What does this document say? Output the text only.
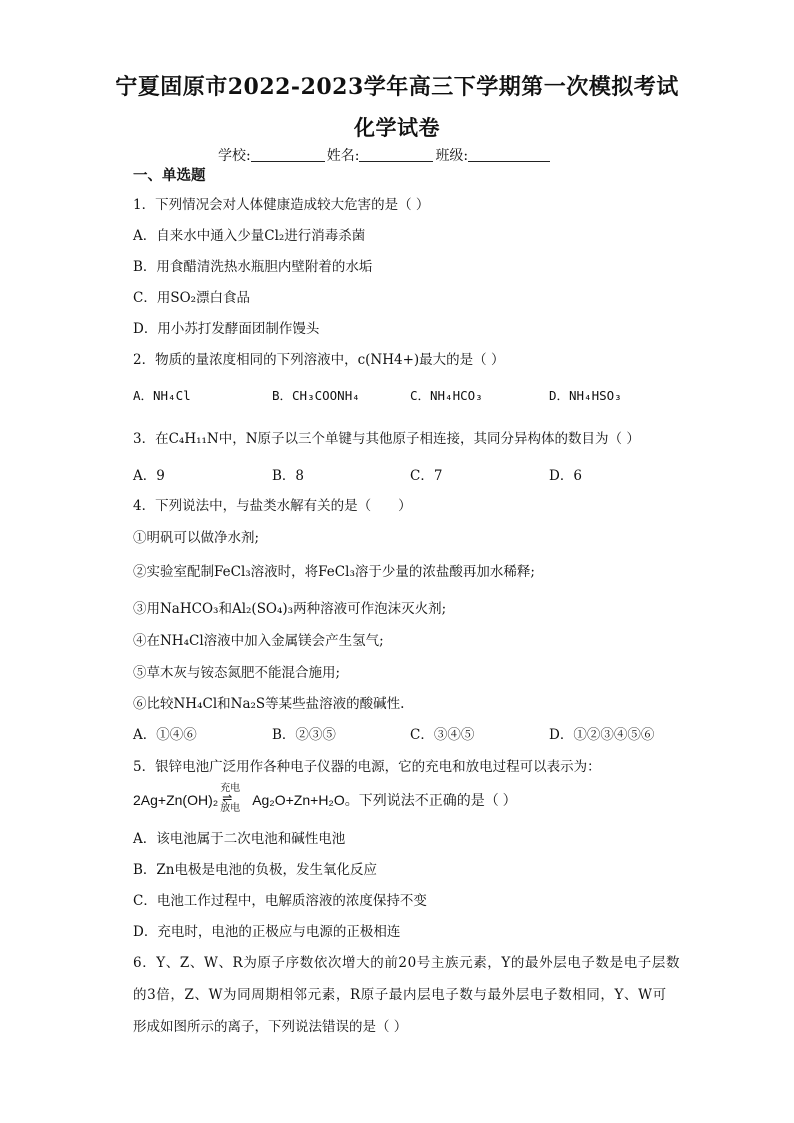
宁夏固原市2022-2023学年高三下学期第一次模拟考试
化学试卷
学校:	姓名:	班级:
一、单选题
1．下列情况会对人体健康造成较大危害的是（ ）
A．自来水中通入少量Cl₂进行消毒杀菌
B．用食醋清洗热水瓶胆内壁附着的水垢
C．用SO₂漂白食品
D．用小苏打发酵面团制作馒头
2．物质的量浓度相同的下列溶液中，c(NH4+)最大的是（ ）
A．NH₄Cl	B．CH₃COONH₄	C．NH₄HCO₃	D．NH₄HSO₃
3．在C₄H₁₁N中，N原子以三个单键与其他原子相连接，其同分异构体的数目为（ ）
A．9	B．8	C．7	D．6
4．下列说法中，与盐类水解有关的是（　　）
①明矾可以做净水剂;
②实验室配制FeCl₃溶液时，将FeCl₃溶于少量的浓盐酸再加水稀释;
③用NaHCO₃和Al₂(SO₄)₃两种溶液可作泡沫灭火剂;
④在NH₄Cl溶液中加入金属镁会产生氢气;
⑤草木灰与铵态氮肥不能混合施用;
⑥比较NH₄Cl和Na₂S等某些盐溶液的酸碱性.
A．①④⑥	B．②③⑤	C．③④⑤	D．①②③④⑤⑥
5．银锌电池广泛用作各种电子仪器的电源，它的充电和放电过程可以表示为：
2Ag+Zn(OH)₂
充电
⇌
放电
Ag₂O+Zn+H₂O。下列说法不正确的是（ ）
A．该电池属于二次电池和碱性电池
B．Zn电极是电池的负极，发生氧化反应
C．电池工作过程中，电解质溶液的浓度保持不变
D．充电时，电池的正极应与电源的正极相连
6．Y、Z、W、R为原子序数依次增大的前20号主族元素，Y的最外层电子数是电子层数
的3倍，Z、W为同周期相邻元素，R原子最内层电子数与最外层电子数相同，Y、W可
形成如图所示的离子，下列说法错误的是（ ）
